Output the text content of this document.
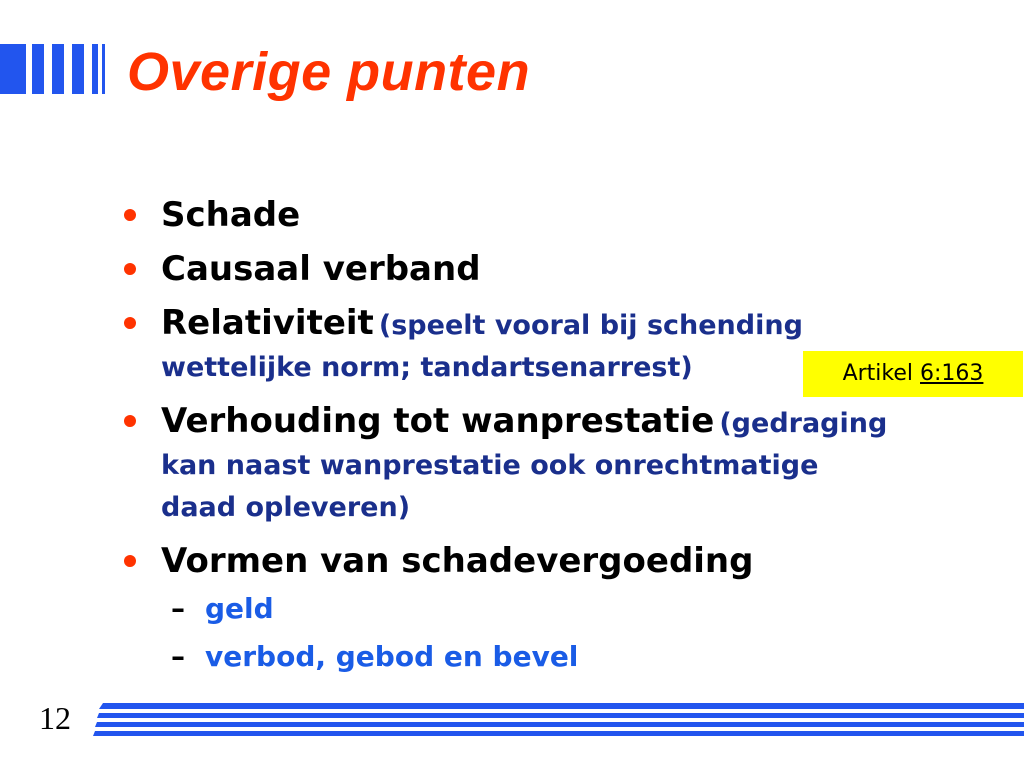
Overige punten
Schade
Causaal verband
Relativiteit (speelt vooral bij schending
wettelijke norm; tandartsenarrest)
Verhouding tot wanprestatie (gedraging
kan naast wanprestatie ook onrechtmatige
daad opleveren)
Vormen van schadevergoeding
– geld
– verbod, gebod en bevel
Artikel 6:163
12
